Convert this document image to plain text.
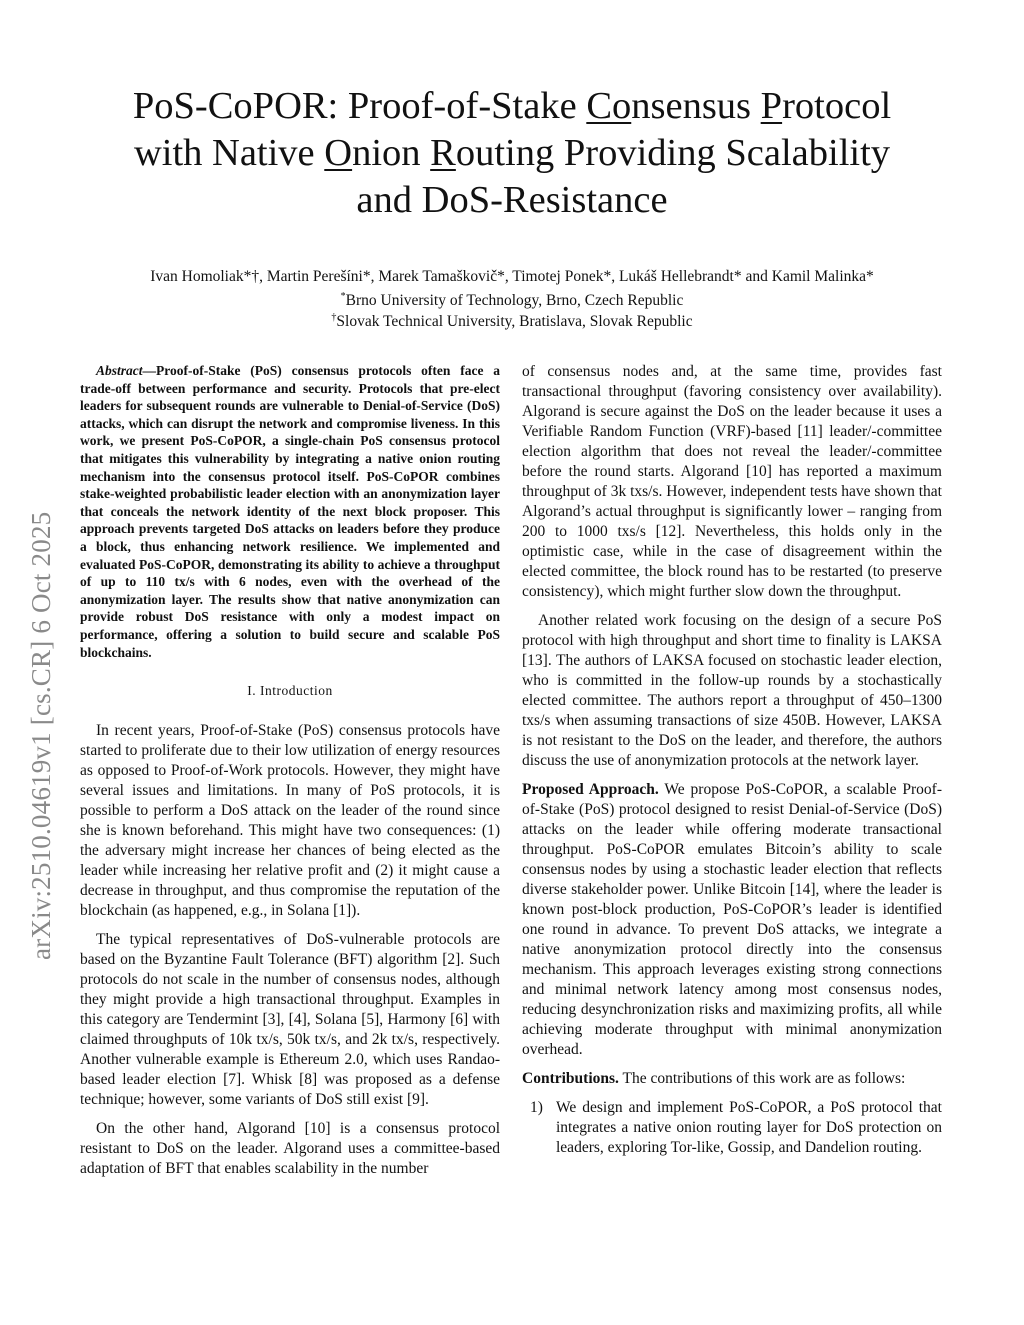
arXiv:2510.04619v1 [cs.CR] 6 Oct 2025
PoS-CoPOR: Proof-of-Stake Consensus Protocol
with Native Onion Routing Providing Scalability
and DoS-Resistance
Ivan Homoliak*†, Martin Perešíni*, Marek Tamaškovič*, Timotej Ponek*, Lukáš Hellebrandt* and Kamil Malinka*
*Brno University of Technology, Brno, Czech Republic
†Slovak Technical University, Bratislava, Slovak Republic

Abstract—Proof-of-Stake (PoS) consensus protocols often face a trade-off between performance and security. Protocols that pre-elect leaders for subsequent rounds are vulnerable to Denial-of-Service (DoS) attacks, which can disrupt the network and compromise liveness. In this work, we present PoS-CoPOR, a single-chain PoS consensus protocol that mitigates this vulnerability by integrating a native onion routing mechanism into the consensus protocol itself. PoS-CoPOR combines stake-weighted probabilistic leader election with an anonymization layer that conceals the network identity of the next block proposer. This approach prevents targeted DoS attacks on leaders before they produce a block, thus enhancing network resilience. We implemented and evaluated PoS-CoPOR, demonstrating its ability to achieve a throughput of up to 110 tx/s with 6 nodes, even with the overhead of the anonymization layer. The results show that native anonymization can provide robust DoS resistance with only a modest impact on performance, offering a solution to build secure and scalable PoS blockchains.

I. Introduction

In recent years, Proof-of-Stake (PoS) consensus protocols have started to proliferate due to their low utilization of energy resources as opposed to Proof-of-Work protocols. However, they might have several issues and limitations. In many of PoS protocols, it is possible to perform a DoS attack on the leader of the round since she is known beforehand. This might have two consequences: (1) the adversary might increase her chances of being elected as the leader while increasing her relative profit and (2) it might cause a decrease in throughput, and thus compromise the reputation of the blockchain (as happened, e.g., in Solana [1]).

The typical representatives of DoS-vulnerable protocols are based on the Byzantine Fault Tolerance (BFT) algorithm [2]. Such protocols do not scale in the number of consensus nodes, although they might provide a high transactional throughput. Examples in this category are Tendermint [3], [4], Solana [5], Harmony [6] with claimed throughputs of 10k tx/s, 50k tx/s, and 2k tx/s, respectively. Another vulnerable example is Ethereum 2.0, which uses Randao-based leader election [7]. Whisk [8] was proposed as a defense technique; however, some variants of DoS still exist [9].

On the other hand, Algorand [10] is a consensus protocol resistant to DoS on the leader. Algorand uses a committee-based adaptation of BFT that enables scalability in the number

of consensus nodes and, at the same time, provides fast transactional throughput (favoring consistency over availability). Algorand is secure against the DoS on the leader because it uses a Verifiable Random Function (VRF)-based [11] leader/-committee election algorithm that does not reveal the leader/-committee before the round starts. Algorand [10] has reported a maximum throughput of 3k txs/s. However, independent tests have shown that Algorand’s actual throughput is significantly lower – ranging from 200 to 1000 txs/s [12]. Nevertheless, this holds only in the optimistic case, while in the case of disagreement within the elected committee, the block round has to be restarted (to preserve consistency), which might further slow down the throughput.

Another related work focusing on the design of a secure PoS protocol with high throughput and short time to finality is LAKSA [13]. The authors of LAKSA focused on stochastic leader election, who is committed in the follow-up rounds by a stochastically elected committee. The authors report a throughput of 450–1300 txs/s when assuming transactions of size 450B. However, LAKSA is not resistant to the DoS on the leader, and therefore, the authors discuss the use of anonymization protocols at the network layer.

Proposed Approach. We propose PoS-CoPOR, a scalable Proof-of-Stake (PoS) protocol designed to resist Denial-of-Service (DoS) attacks on the leader while offering moderate transactional throughput. PoS-CoPOR emulates Bitcoin’s ability to scale consensus nodes by using a stochastic leader election that reflects diverse stakeholder power. Unlike Bitcoin [14], where the leader is known post-block production, PoS-CoPOR’s leader is identified one round in advance. To prevent DoS attacks, we integrate a native anonymization protocol directly into the consensus mechanism. This approach leverages existing strong connections and minimal network latency among most consensus nodes, reducing desynchronization risks and maximizing profits, all while achieving moderate throughput with minimal anonymization overhead.

Contributions. The contributions of this work are as follows:

1) We design and implement PoS-CoPOR, a PoS protocol that integrates a native onion routing layer for DoS protection on leaders, exploring Tor-like, Gossip, and Dandelion routing.
